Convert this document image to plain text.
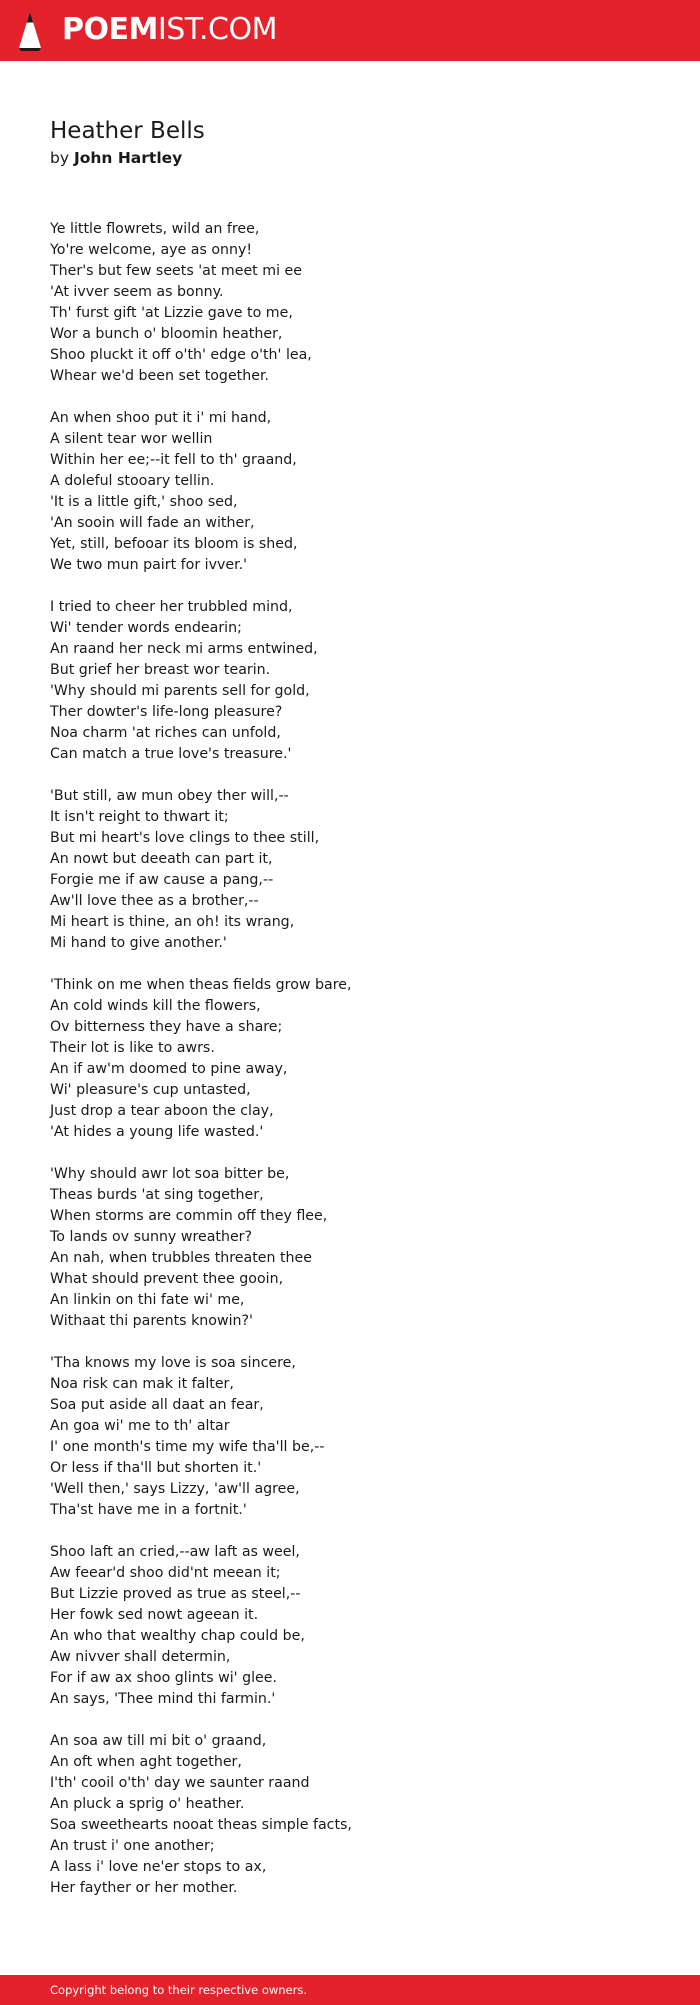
POEMIST.COM
Heather Bells

by John Hartley

Ye little flowrets, wild an free,
Yo're welcome, aye as onny!
Ther's but few seets 'at meet mi ee
'At ivver seem as bonny.
Th' furst gift 'at Lizzie gave to me,
Wor a bunch o' bloomin heather,
Shoo pluckt it off o'th' edge o'th' lea,
Whear we'd been set together.
An when shoo put it i' mi hand,
A silent tear wor wellin
Within her ee;--it fell to th' graand,
A doleful stooary tellin.
'It is a little gift,' shoo sed,
'An sooin will fade an wither,
Yet, still, befooar its bloom is shed,
We two mun pairt for ivver.'
I tried to cheer her trubbled mind,
Wi' tender words endearin;
An raand her neck mi arms entwined,
But grief her breast wor tearin.
'Why should mi parents sell for gold,
Ther dowter's life-long pleasure?
Noa charm 'at riches can unfold,
Can match a true love's treasure.'
'But still, aw mun obey ther will,--
It isn't reight to thwart it;
But mi heart's love clings to thee still,
An nowt but deeath can part it,
Forgie me if aw cause a pang,--
Aw'll love thee as a brother,--
Mi heart is thine, an oh! its wrang,
Mi hand to give another.'
'Think on me when theas fields grow bare,
An cold winds kill the flowers,
Ov bitterness they have a share;
Their lot is like to awrs.
An if aw'm doomed to pine away,
Wi' pleasure's cup untasted,
Just drop a tear aboon the clay,
'At hides a young life wasted.'
'Why should awr lot soa bitter be,
Theas burds 'at sing together,
When storms are commin off they flee,
To lands ov sunny wreather?
An nah, when trubbles threaten thee
What should prevent thee gooin,
An linkin on thi fate wi' me,
Withaat thi parents knowin?'
'Tha knows my love is soa sincere,
Noa risk can mak it falter,
Soa put aside all daat an fear,
An goa wi' me to th' altar
I' one month's time my wife tha'll be,--
Or less if tha'll but shorten it.'
'Well then,' says Lizzy, 'aw'll agree,
Tha'st have me in a fortnit.'
Shoo laft an cried,--aw laft as weel,
Aw feear'd shoo did'nt meean it;
But Lizzie proved as true as steel,--
Her fowk sed nowt ageean it.
An who that wealthy chap could be,
Aw nivver shall determin,
For if aw ax shoo glints wi' glee.
An says, 'Thee mind thi farmin.'
An soa aw till mi bit o' graand,
An oft when aght together,
I'th' cooil o'th' day we saunter raand
An pluck a sprig o' heather.
Soa sweethearts nooat theas simple facts,
An trust i' one another;
A lass i' love ne'er stops to ax,
Her fayther or her mother.
Copyright belong to their respective owners.
